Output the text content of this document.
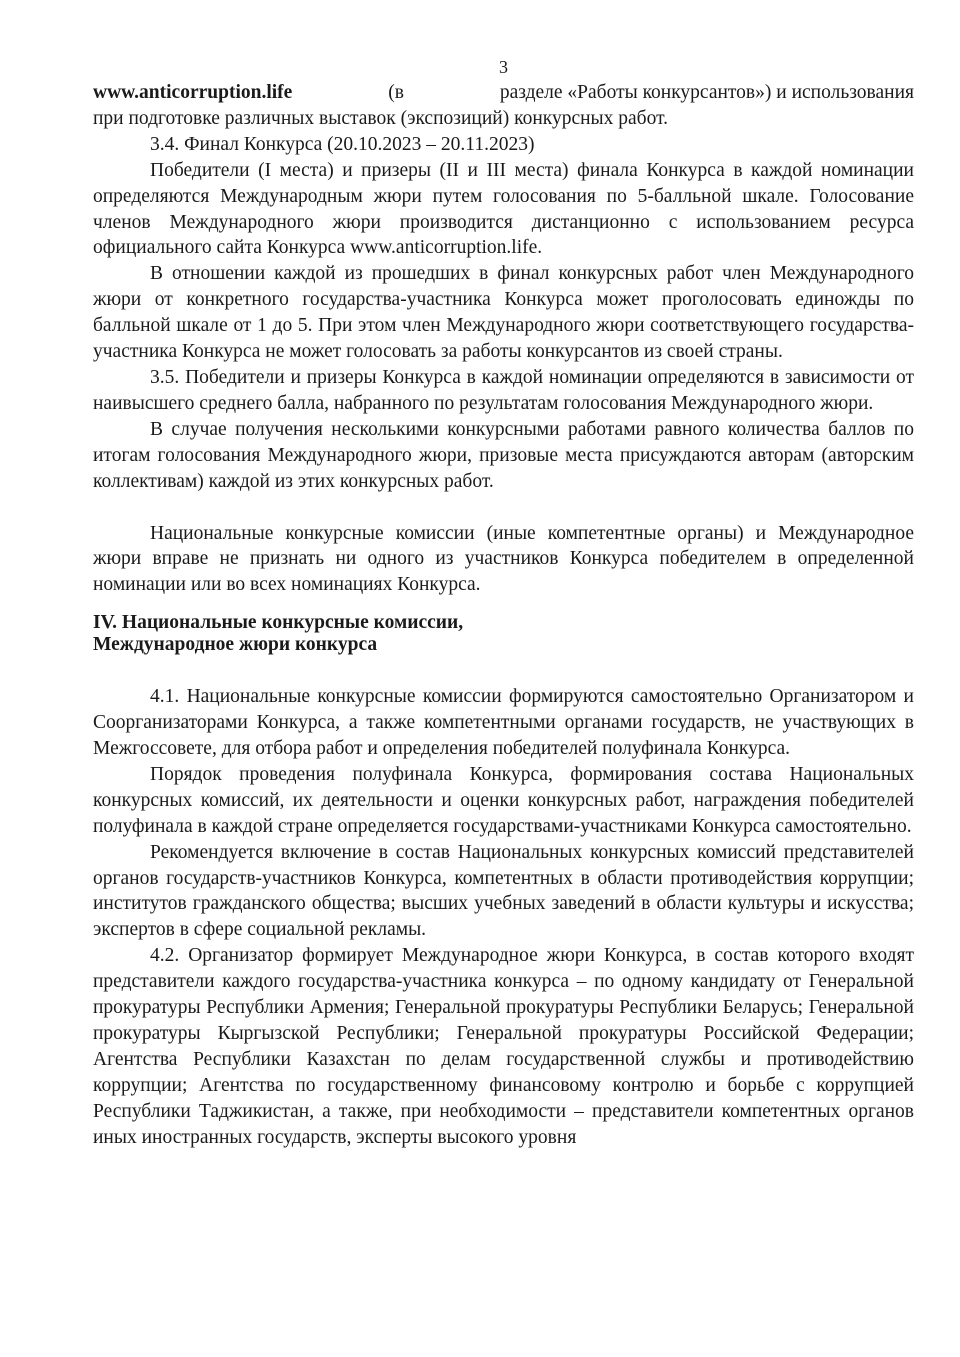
3
www.anticorruption.life	(в	разделе «Работы конкурсантов») и использования

при подготовке различных выставок (экспозиций) конкурсных работ.

3.4. Финал Конкурса (20.10.2023 – 20.11.2023)

Победители (I места) и призеры (II и III места) финала Конкурса в каждой номинации определяются Международным жюри путем голосования по 5-балльной шкале. Голосование членов Международного жюри производится дистанционно с использованием ресурса официального сайта Конкурса www.anticorruption.life.

В отношении каждой из прошедших в финал конкурсных работ член Международного жюри от конкретного государства-участника Конкурса может проголосовать единожды по балльной шкале от 1 до 5. При этом член Международного жюри соответствующего государства-участника Конкурса не может голосовать за работы конкурсантов из своей страны.

3.5. Победители и призеры Конкурса в каждой номинации определяются в зависимости от наивысшего среднего балла, набранного по результатам голосования Международного жюри.

В случае получения несколькими конкурсными работами равного количества баллов по итогам голосования Международного жюри, призовые места присуждаются авторам (авторским коллективам) каждой из этих конкурсных работ.

Национальные конкурсные комиссии (иные компетентные органы) и Международное жюри вправе не признать ни одного из участников Конкурса победителем в определенной номинации или во всех номинациях Конкурса.

IV. Национальные конкурсные комиссии,

Международное жюри конкурса

4.1. Национальные конкурсные комиссии формируются самостоятельно Организатором и Соорганизаторами Конкурса, а также компетентными органами государств, не участвующих в Межгоссовете, для отбора работ и определения победителей полуфинала Конкурса.

Порядок проведения полуфинала Конкурса, формирования состава Национальных конкурсных комиссий, их деятельности и оценки конкурсных работ, награждения победителей полуфинала в каждой стране определяется государствами-участниками Конкурса самостоятельно.

Рекомендуется включение в состав Национальных конкурсных комиссий представителей органов государств-участников Конкурса, компетентных в области противодействия коррупции; институтов гражданского общества; высших учебных заведений в области культуры и искусства; экспертов в сфере социальной рекламы.

4.2. Организатор формирует Международное жюри Конкурса, в состав которого входят представители каждого государства-участника конкурса – по одному кандидату от Генеральной прокуратуры Республики Армения; Генеральной прокуратуры Республики Беларусь; Генеральной прокуратуры Кыргызской Республики; Генеральной прокуратуры Российской Федерации; Агентства Республики Казахстан по делам государственной службы и противодействию коррупции; Агентства по государственному финансовому контролю и борьбе с коррупцией Республики Таджикистан, а также, при необходимости – представители компетентных органов иных иностранных государств, эксперты высокого уровня
